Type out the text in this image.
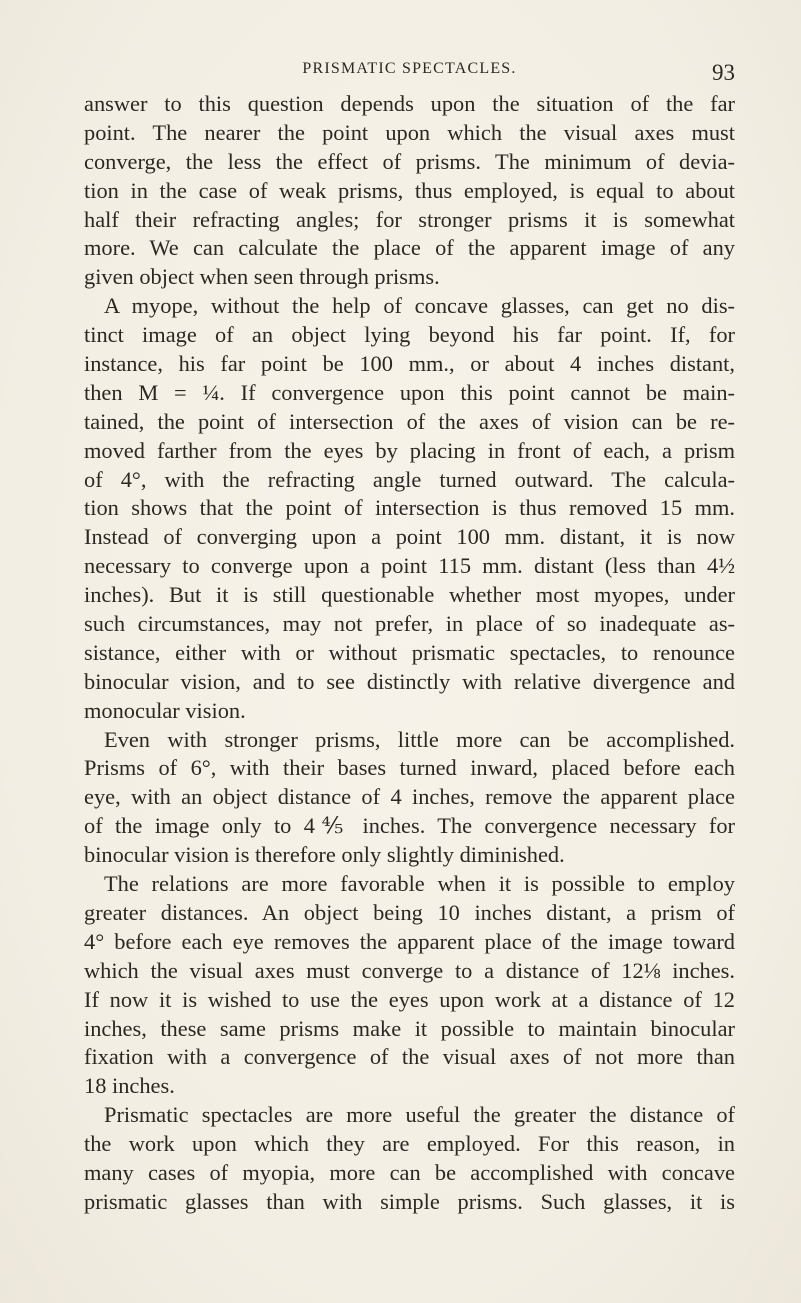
PRISMATIC SPECTACLES.	93
answer to this question depends upon the situation of the far
point. The nearer the point upon which the visual axes must
converge, the less the effect of prisms. The minimum of devia-
tion in the case of weak prisms, thus employed, is equal to about
half their refracting angles; for stronger prisms it is somewhat
more. We can calculate the place of the apparent image of any
given object when seen through prisms.
A myope, without the help of concave glasses, can get no dis-
tinct image of an object lying beyond his far point. If, for
instance, his far point be 100 mm., or about 4 inches distant,
then M = ¼. If convergence upon this point cannot be main-
tained, the point of intersection of the axes of vision can be re-
moved farther from the eyes by placing in front of each, a prism
of 4°, with the refracting angle turned outward. The calcula-
tion shows that the point of intersection is thus removed 15 mm.
Instead of converging upon a point 100 mm. distant, it is now
necessary to converge upon a point 115 mm. distant (less than 4½
inches). But it is still questionable whether most myopes, under
such circumstances, may not prefer, in place of so inadequate as-
sistance, either with or without prismatic spectacles, to renounce
binocular vision, and to see distinctly with relative divergence and
monocular vision.
Even with stronger prisms, little more can be accomplished.
Prisms of 6°, with their bases turned inward, placed before each
eye, with an object distance of 4 inches, remove the apparent place
of the image only to 4⅘ inches. The convergence necessary for
binocular vision is therefore only slightly diminished.
The relations are more favorable when it is possible to employ
greater distances. An object being 10 inches distant, a prism of
4° before each eye removes the apparent place of the image toward
which the visual axes must converge to a distance of 12⅛ inches.
If now it is wished to use the eyes upon work at a distance of 12
inches, these same prisms make it possible to maintain binocular
fixation with a convergence of the visual axes of not more than
18 inches.
Prismatic spectacles are more useful the greater the distance of
the work upon which they are employed. For this reason, in
many cases of myopia, more can be accomplished with concave
prismatic glasses than with simple prisms. Such glasses, it is
